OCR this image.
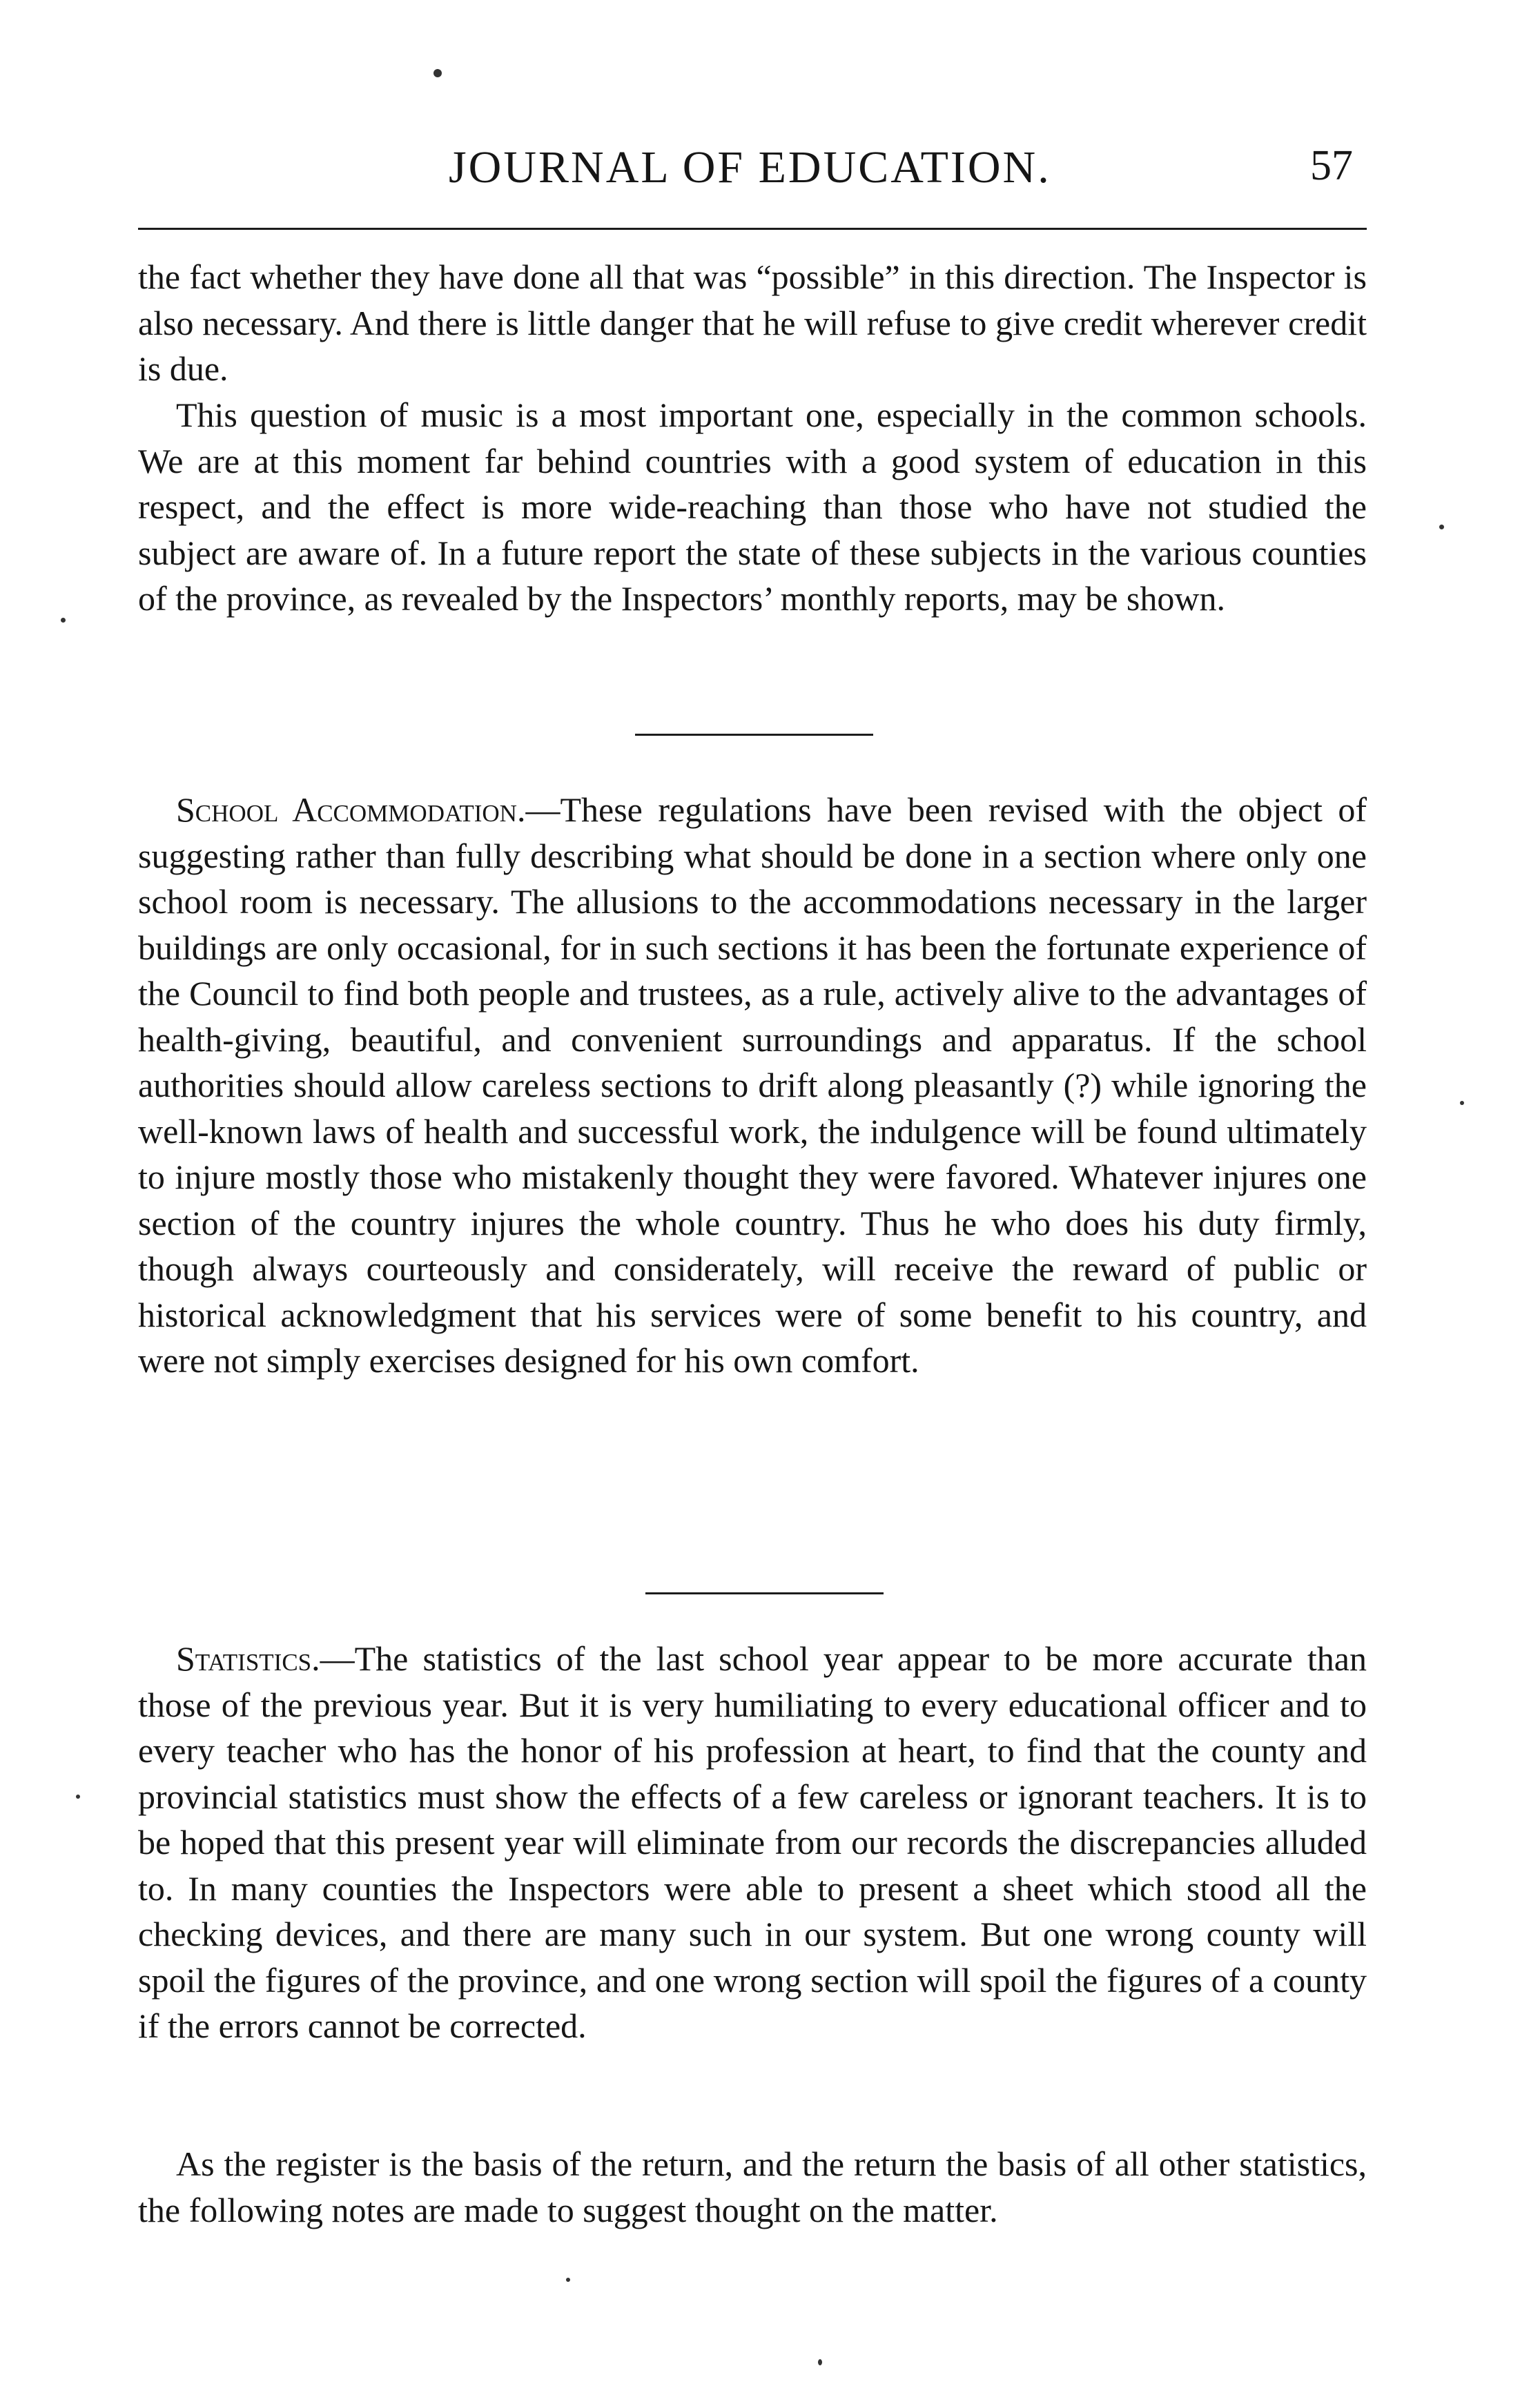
JOURNAL OF EDUCATION.	57

the fact whether they have done all that was “possible” in this direction. The Inspector is also necessary. And there is little danger that he will refuse to give credit wherever credit is due.

This question of music is a most important one, especially in the common schools. We are at this moment far behind countries with a good system of education in this respect, and the effect is more wide-reaching than those who have not studied the subject are aware of. In a future report the state of these subjects in the various counties of the province, as revealed by the Inspectors’ monthly reports, may be shown.

School Accommodation.—These regulations have been revised with the object of suggesting rather than fully describing what should be done in a section where only one school room is necessary. The allusions to the accommodations necessary in the larger buildings are only occasional, for in such sections it has been the fortunate experience of the Council to find both people and trustees, as a rule, actively alive to the advantages of health-giving, beautiful, and convenient surroundings and apparatus. If the school authorities should allow careless sections to drift along pleasantly (?) while ignoring the well-known laws of health and successful work, the indulgence will be found ultimately to injure mostly those who mistakenly thought they were favored. Whatever injures one section of the country injures the whole country. Thus he who does his duty firmly, though always courteously and considerately, will receive the reward of public or historical acknowledgment that his services were of some benefit to his country, and were not simply exercises designed for his own comfort.

Statistics.—The statistics of the last school year appear to be more accurate than those of the previous year. But it is very humiliating to every educational officer and to every teacher who has the honor of his profession at heart, to find that the county and provincial statistics must show the effects of a few careless or ignorant teachers. It is to be hoped that this present year will eliminate from our records the discrepancies alluded to. In many counties the Inspectors were able to present a sheet which stood all the checking devices, and there are many such in our system. But one wrong county will spoil the figures of the province, and one wrong section will spoil the figures of a county if the errors cannot be corrected.

As the register is the basis of the return, and the return the basis of all other statistics, the following notes are made to suggest thought on the matter.
